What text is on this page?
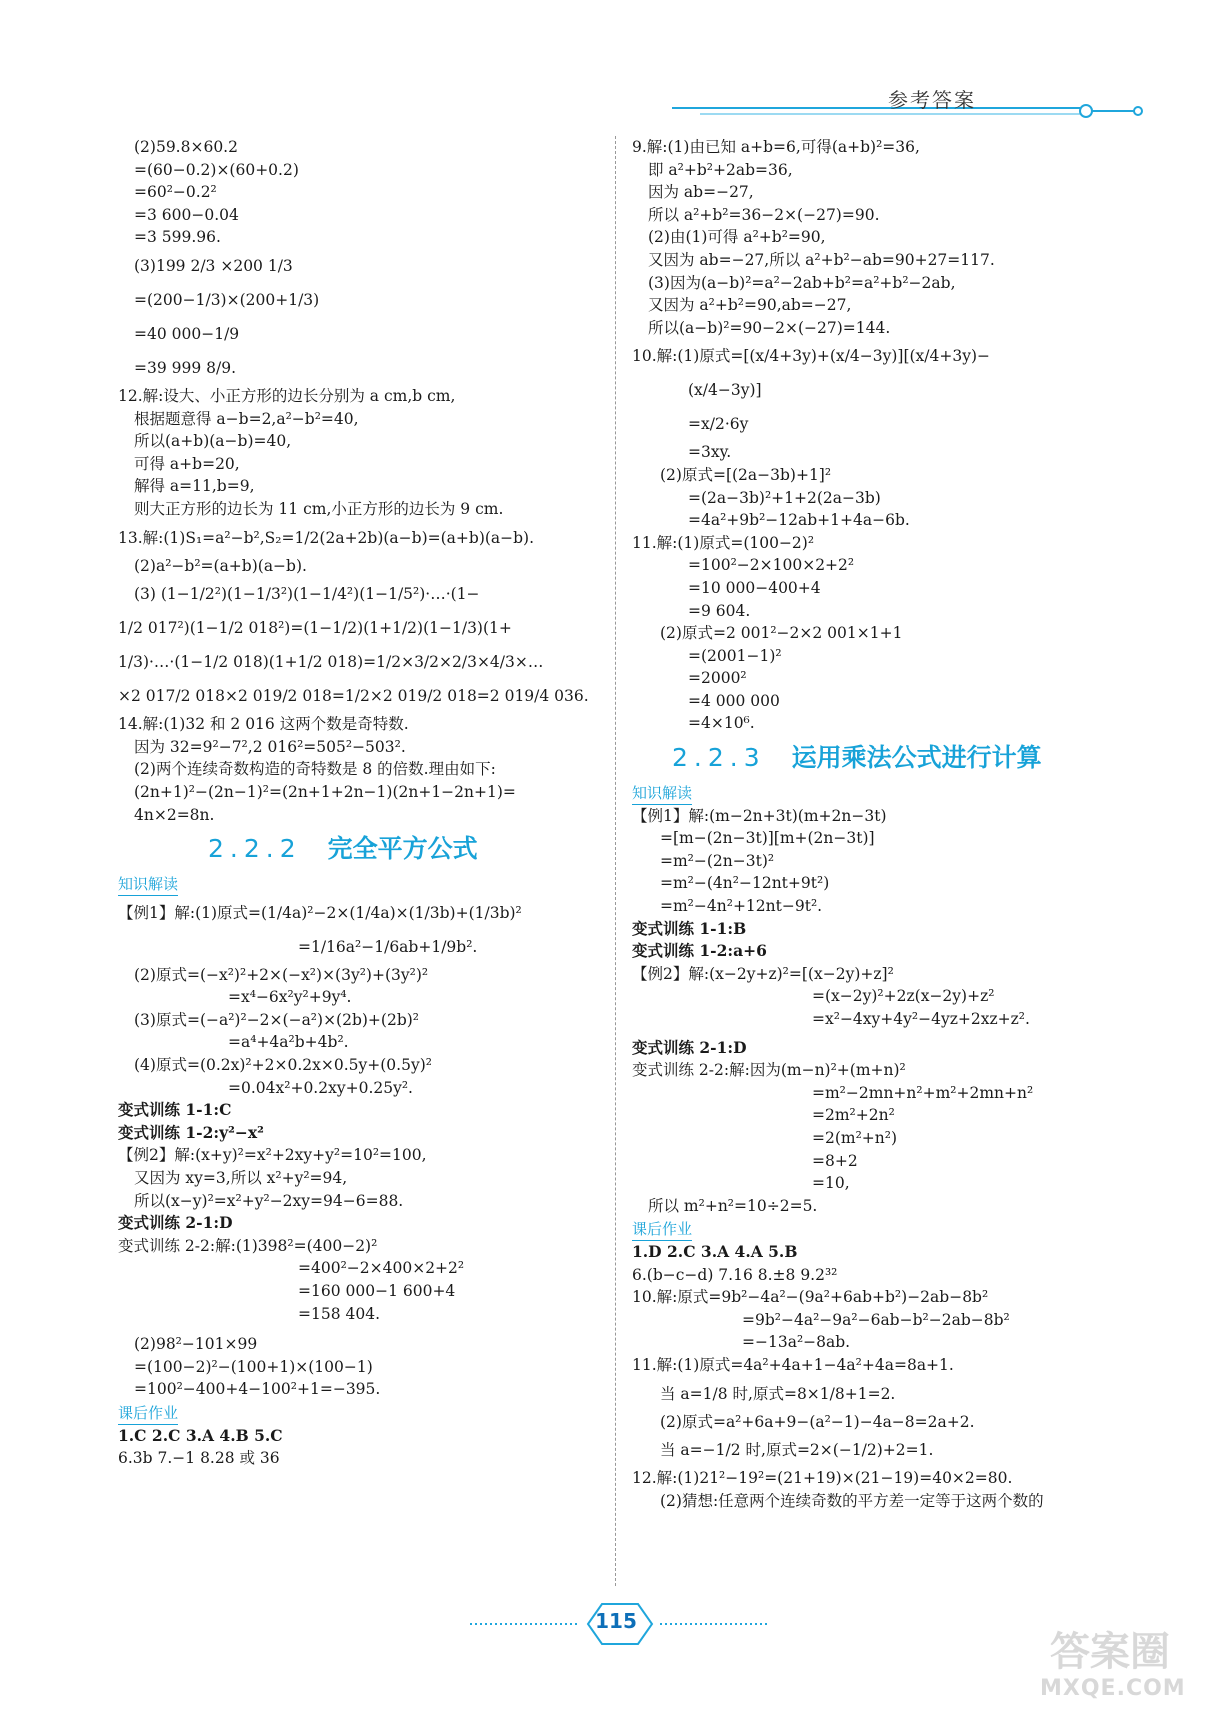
参考答案
(2)59.8×60.2
=(60−0.2)×(60+0.2)
=60²−0.2²
=3 600−0.04
=3 599.96.
(3)199 2/3 ×200 1/3
=(200−1/3)×(200+1/3)
=40 000−1/9
=39 999 8/9.
12.解:设大、小正方形的边长分别为 a cm,b cm,
根据题意得 a−b=2,a²−b²=40,
所以(a+b)(a−b)=40,
可得 a+b=20,
解得 a=11,b=9,
则大正方形的边长为 11 cm,小正方形的边长为 9 cm.
13.解:(1)S₁=a²−b²,S₂=1/2(2a+2b)(a−b)=(a+b)(a−b).
(2)a²−b²=(a+b)(a−b).
(3) (1−1/2²)(1−1/3²)(1−1/4²)(1−1/5²)·…·(1−
1/2 017²)(1−1/2 018²)=(1−1/2)(1+1/2)(1−1/3)(1+
1/3)·…·(1−1/2 018)(1+1/2 018)=1/2×3/2×2/3×4/3×…
×2 017/2 018×2 019/2 018=1/2×2 019/2 018=2 019/4 036.
14.解:(1)32 和 2 016 这两个数是奇特数.
因为 32=9²−7²,2 016²=505²−503².
(2)两个连续奇数构造的奇特数是 8 的倍数.理由如下:
(2n+1)²−(2n−1)²=(2n+1+2n−1)(2n+1−2n+1)=
4n×2=8n.
2.2.2 完全平方公式
知识解读
【例1】解:(1)原式=(1/4a)²−2×(1/4a)×(1/3b)+(1/3b)²
=1/16a²−1/6ab+1/9b².
(2)原式=(−x²)²+2×(−x²)×(3y²)+(3y²)²
=x⁴−6x²y²+9y⁴.
(3)原式=(−a²)²−2×(−a²)×(2b)+(2b)²
=a⁴+4a²b+4b².
(4)原式=(0.2x)²+2×0.2x×0.5y+(0.5y)²
=0.04x²+0.2xy+0.25y².
变式训练 1-1:C
变式训练 1-2:y²−x²
【例2】解:(x+y)²=x²+2xy+y²=10²=100,
又因为 xy=3,所以 x²+y²=94,
所以(x−y)²=x²+y²−2xy=94−6=88.
变式训练 2-1:D
变式训练 2-2:解:(1)398²=(400−2)²
=400²−2×400×2+2²
=160 000−1 600+4
=158 404.
(2)98²−101×99
=(100−2)²−(100+1)×(100−1)
=100²−400+4−100²+1=−395.
课后作业
1.C 2.C 3.A 4.B 5.C
6.3b 7.−1 8.28 或 36
9.解:(1)由已知 a+b=6,可得(a+b)²=36,
即 a²+b²+2ab=36,
因为 ab=−27,
所以 a²+b²=36−2×(−27)=90.
(2)由(1)可得 a²+b²=90,
又因为 ab=−27,所以 a²+b²−ab=90+27=117.
(3)因为(a−b)²=a²−2ab+b²=a²+b²−2ab,
又因为 a²+b²=90,ab=−27,
所以(a−b)²=90−2×(−27)=144.
10.解:(1)原式=[(x/4+3y)+(x/4−3y)][(x/4+3y)−
(x/4−3y)]
=x/2·6y
=3xy.
(2)原式=[(2a−3b)+1]²
=(2a−3b)²+1+2(2a−3b)
=4a²+9b²−12ab+1+4a−6b.
11.解:(1)原式=(100−2)²
=100²−2×100×2+2²
=10 000−400+4
=9 604.
(2)原式=2 001²−2×2 001×1+1
=(2001−1)²
=2000²
=4 000 000
=4×10⁶.
2.2.3 运用乘法公式进行计算
知识解读
【例1】解:(m−2n+3t)(m+2n−3t)
=[m−(2n−3t)][m+(2n−3t)]
=m²−(2n−3t)²
=m²−(4n²−12nt+9t²)
=m²−4n²+12nt−9t².
变式训练 1-1:B
变式训练 1-2:a+6
【例2】解:(x−2y+z)²=[(x−2y)+z]²
=(x−2y)²+2z(x−2y)+z²
=x²−4xy+4y²−4yz+2xz+z².
变式训练 2-1:D
变式训练 2-2:解:因为(m−n)²+(m+n)²
=m²−2mn+n²+m²+2mn+n²
=2m²+2n²
=2(m²+n²)
=8+2
=10,
所以 m²+n²=10÷2=5.
课后作业
1.D 2.C 3.A 4.A 5.B
6.(b−c−d) 7.16 8.±8 9.2³²
10.解:原式=9b²−4a²−(9a²+6ab+b²)−2ab−8b²
=9b²−4a²−9a²−6ab−b²−2ab−8b²
=−13a²−8ab.
11.解:(1)原式=4a²+4a+1−4a²+4a=8a+1.
当 a=1/8 时,原式=8×1/8+1=2.
(2)原式=a²+6a+9−(a²−1)−4a−8=2a+2.
当 a=−1/2 时,原式=2×(−1/2)+2=1.
12.解:(1)21²−19²=(21+19)×(21−19)=40×2=80.
(2)猜想:任意两个连续奇数的平方差一定等于这两个数的
115
答案圈
MXQE.COM
